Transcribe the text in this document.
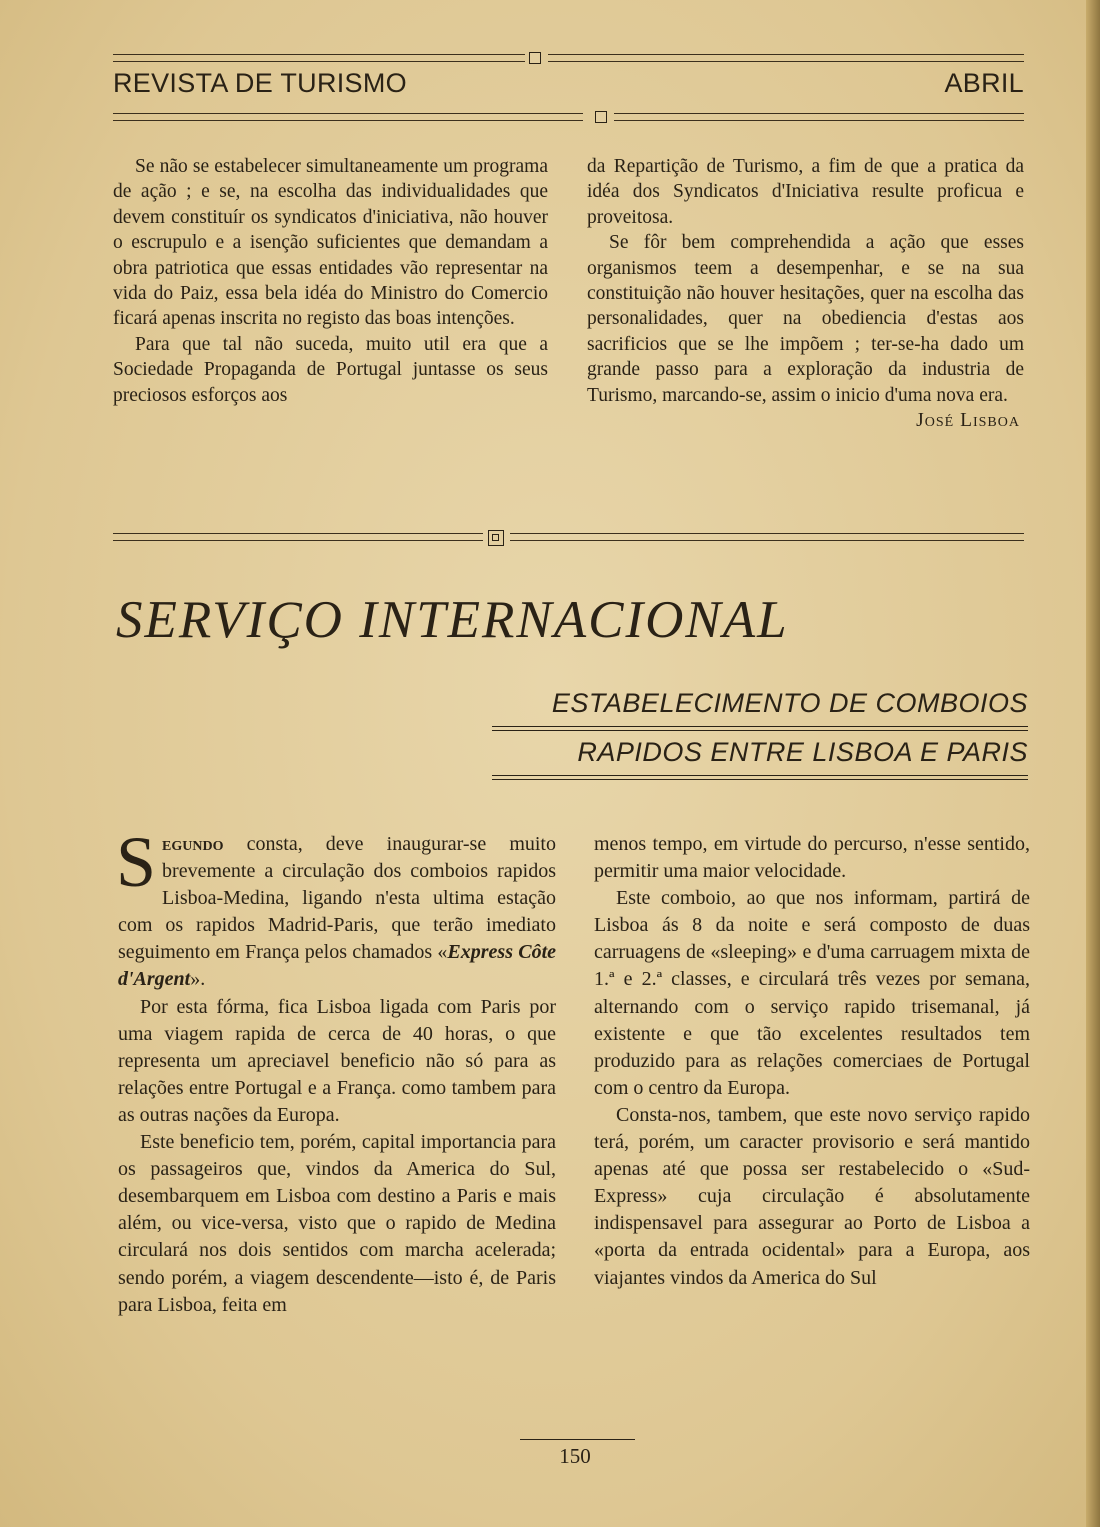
REVISTA DE TURISMO	ABRIL

Se não se estabelecer simultaneamente um programa de ação ; e se, na escolha das individualidades que devem constituír os syndicatos d'iniciativa, não houver o escrupulo e a isenção suficientes que demandam a obra patriotica que essas entidades vão representar na vida do Paiz, essa bela idéa do Ministro do Comercio ficará apenas inscrita no registo das boas intenções.

Para que tal não suceda, muito util era que a Sociedade Propaganda de Portugal juntasse os seus preciosos esforços aos

da Repartição de Turismo, a fim de que a pratica da idéa dos Syndicatos d'Iniciativa resulte proficua e proveitosa.

Se fôr bem comprehendida a ação que esses organismos teem a desempenhar, e se na sua constituição não houver hesitações, quer na escolha das personalidades, quer na obediencia d'estas aos sacrificios que se lhe impõem ; ter-se-ha dado um grande passo para a exploração da industria de Turismo, marcando-se, assim o inicio d'uma nova era.

José Lisboa

SERVIÇO INTERNACIONAL
ESTABELECIMENTO DE COMBOIOS
RAPIDOS ENTRE LISBOA E PARIS

Segundo consta, deve inaugurar-se muito brevemente a circulação dos comboios rapidos Lisboa-Medina, ligando n'esta ultima estação com os rapidos Madrid-Paris, que terão imediato seguimento em França pelos chamados «Express Côte d'Argent».

Por esta fórma, fica Lisboa ligada com Paris por uma viagem rapida de cerca de 40 horas, o que representa um apreciavel beneficio não só para as relações entre Portugal e a França. como tambem para as outras nações da Europa.

Este beneficio tem, porém, capital importancia para os passageiros que, vindos da America do Sul, desembarquem em Lisboa com destino a Paris e mais além, ou vice-versa, visto que o rapido de Medina circulará nos dois sentidos com marcha acelerada; sendo porém, a viagem descendente—isto é, de Paris para Lisboa, feita em

menos tempo, em virtude do percurso, n'esse sentido, permitir uma maior velocidade.

Este comboio, ao que nos informam, partirá de Lisboa ás 8 da noite e será composto de duas carruagens de «sleeping» e d'uma carruagem mixta de 1.ª e 2.ª classes, e circulará três vezes por semana, alternando com o serviço rapido trisemanal, já existente e que tão excelentes resultados tem produzido para as relações comerciaes de Portugal com o centro da Europa.

Consta-nos, tambem, que este novo serviço rapido terá, porém, um caracter provisorio e será mantido apenas até que possa ser restabelecido o «Sud-Express» cuja circulação é absolutamente indispensavel para assegurar ao Porto de Lisboa a «porta da entrada ocidental» para a Europa, aos viajantes vindos da America do Sul

150
